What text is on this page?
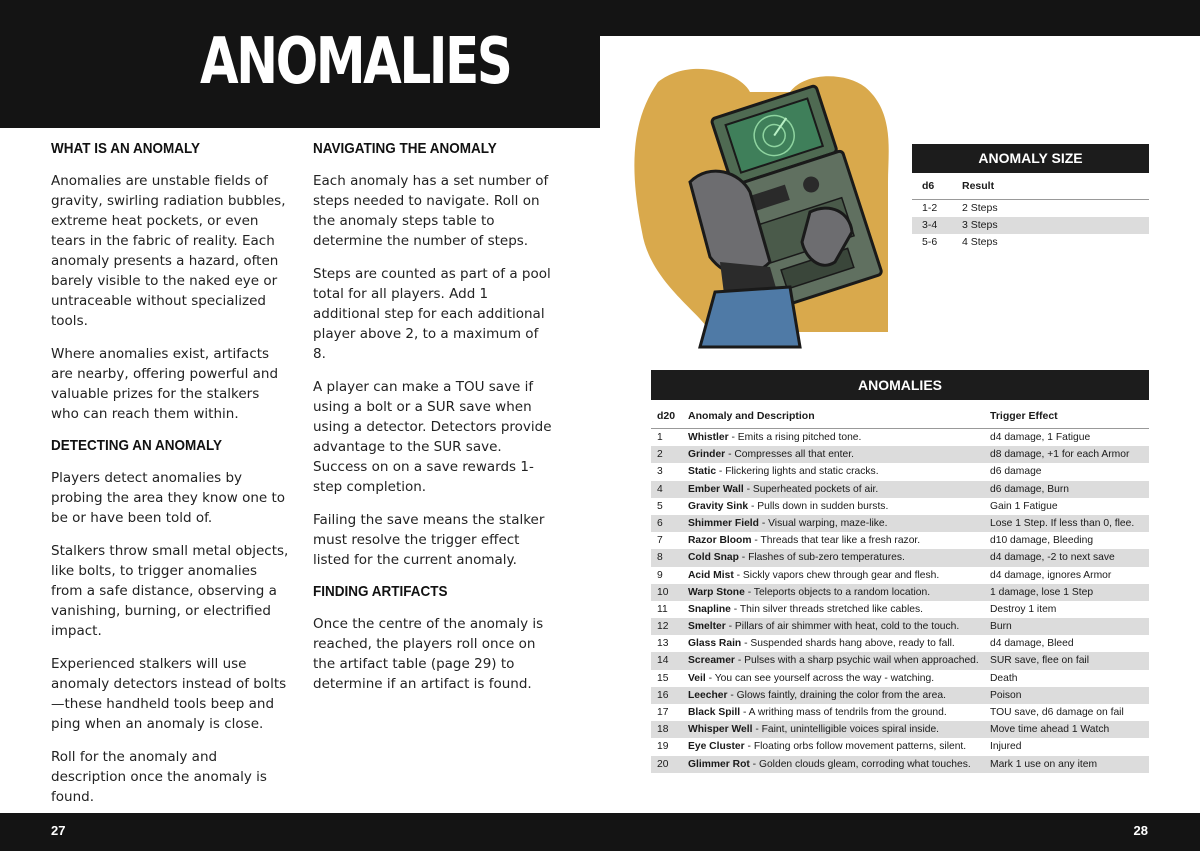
ANOMALIES
WHAT IS AN ANOMALY

Anomalies are unstable fields of gravity, swirling radiation bubbles, extreme heat pockets, or even tears in the fabric of reality. Each anomaly presents a hazard, often barely visible to the naked eye or untraceable without specialized tools.

Where anomalies exist, artifacts are nearby, offering powerful and valuable prizes for the stalkers who can reach them within.

DETECTING AN ANOMALY

Players detect anomalies by probing the area they know one to be or have been told of.

Stalkers throw small metal objects, like bolts, to trigger anomalies from a safe distance, observing a vanishing, burning, or electrified impact.

Experienced stalkers will use anomaly detectors instead of bolts—these handheld tools beep and ping when an anomaly is close.

Roll for the anomaly and description once the anomaly is found.

NAVIGATING THE ANOMALY

Each anomaly has a set number of steps needed to navigate. Roll on the anomaly steps table to determine the number of steps.

Steps are counted as part of a pool total for all players. Add 1 additional step for each additional player above 2, to a maximum of 8.

A player can make a TOU save if using a bolt or a SUR save when using a detector. Detectors provide advantage to the SUR save. Success on on a save rewards 1-step completion.

Failing the save means the stalker must resolve the trigger effect listed for the current anomaly.

FINDING ARTIFACTS

Once the centre of the anomaly is reached, the players roll once on the artifact table (page 29) to determine if an artifact is found.

ANOMALY SIZE
d6	Result
1-2	2 Steps
3-4	3 Steps
5-6	4 Steps
ANOMALIES
d20	Anomaly and Description	Trigger Effect
1	Whistler - Emits a rising pitched tone.	d4 damage, 1 Fatigue
2	Grinder - Compresses all that enter.	d8 damage, +1 for each Armor
3	Static - Flickering lights and static cracks.	d6 damage
4	Ember Wall - Superheated pockets of air.	d6 damage, Burn
5	Gravity Sink - Pulls down in sudden bursts.	Gain 1 Fatigue
6	Shimmer Field - Visual warping, maze-like.	Lose 1 Step. If less than 0, flee.
7	Razor Bloom - Threads that tear like a fresh razor.	d10 damage, Bleeding
8	Cold Snap - Flashes of sub-zero temperatures.	d4 damage, -2 to next save
9	Acid Mist - Sickly vapors chew through gear and flesh.	d4 damage, ignores Armor
10	Warp Stone - Teleports objects to a random location.	1 damage, lose 1 Step
11	Snapline - Thin silver threads stretched like cables.	Destroy 1 item
12	Smelter - Pillars of air shimmer with heat, cold to the touch.	Burn
13	Glass Rain - Suspended shards hang above, ready to fall.	d4 damage, Bleed
14	Screamer - Pulses with a sharp psychic wail when approached.	SUR save, flee on fail
15	Veil - You can see yourself across the way - watching.	Death
16	Leecher - Glows faintly, draining the color from the area.	Poison
17	Black Spill - A writhing mass of tendrils from the ground.	TOU save, d6 damage on fail
18	Whisper Well - Faint, unintelligible voices spiral inside.	Move time ahead 1 Watch
19	Eye Cluster - Floating orbs follow movement patterns, silent.	Injured
20	Glimmer Rot - Golden clouds gleam, corroding what touches.	Mark 1 use on any item
27	28
